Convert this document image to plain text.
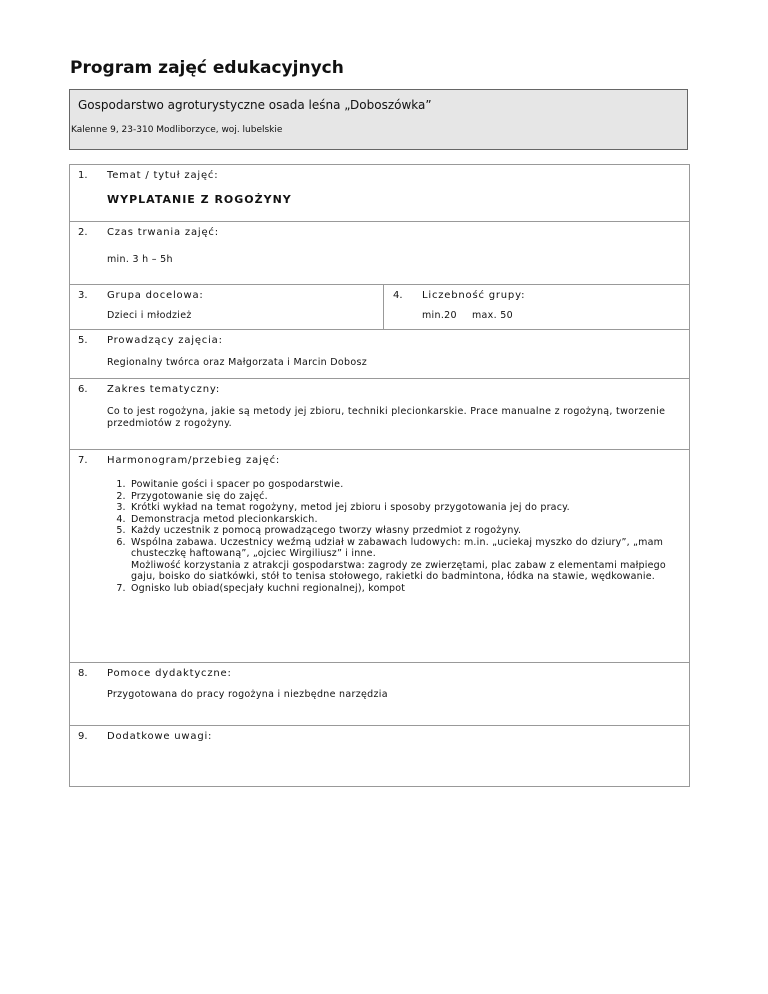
Program zajęć edukacyjnych
Gospodarstwo agroturystyczne osada leśna „Doboszówka”
Kalenne 9, 23-310 Modliborzyce, woj. lubelskie
1. Temat / tytuł zajęć:
WYPLATANIE Z ROGOŻYNY
2. Czas trwania zajęć:
min. 3 h – 5h
3. Grupa docelowa:
Dzieci i młodzież
4. Liczebność grupy:
min.20 max. 50
5. Prowadzący zajęcia:
Regionalny twórca oraz Małgorzata i Marcin Dobosz
6. Zakres tematyczny:
Co to jest rogożyna, jakie są metody jej zbioru, techniki plecionkarskie. Prace manualne z rogożyną, tworzenie przedmiotów z rogożyny.
7. Harmonogram/przebieg zajęć:
1. Powitanie gości i spacer po gospodarstwie.
2. Przygotowanie się do zajęć.
3. Krótki wykład na temat rogożyny, metod jej zbioru i sposoby przygotowania jej do pracy.
4. Demonstracja metod plecionkarskich.
5. Każdy uczestnik z pomocą prowadzącego tworzy własny przedmiot z rogożyny.
6. Wspólna zabawa. Uczestnicy weźmą udział w zabawach ludowych: m.in. „uciekaj myszko do dziury”, „mam chusteczkę haftowaną”, „ojciec Wirgiliusz” i inne.
Możliwość korzystania z atrakcji gospodarstwa: zagrody ze zwierzętami, plac zabaw z elementami małpiego gaju, boisko do siatkówki, stół to tenisa stołowego, rakietki do badmintona, łódka na stawie, wędkowanie.
7. Ognisko lub obiad(specjały kuchni regionalnej), kompot
8. Pomoce dydaktyczne:
Przygotowana do pracy rogożyna i niezbędne narzędzia
9. Dodatkowe uwagi:
